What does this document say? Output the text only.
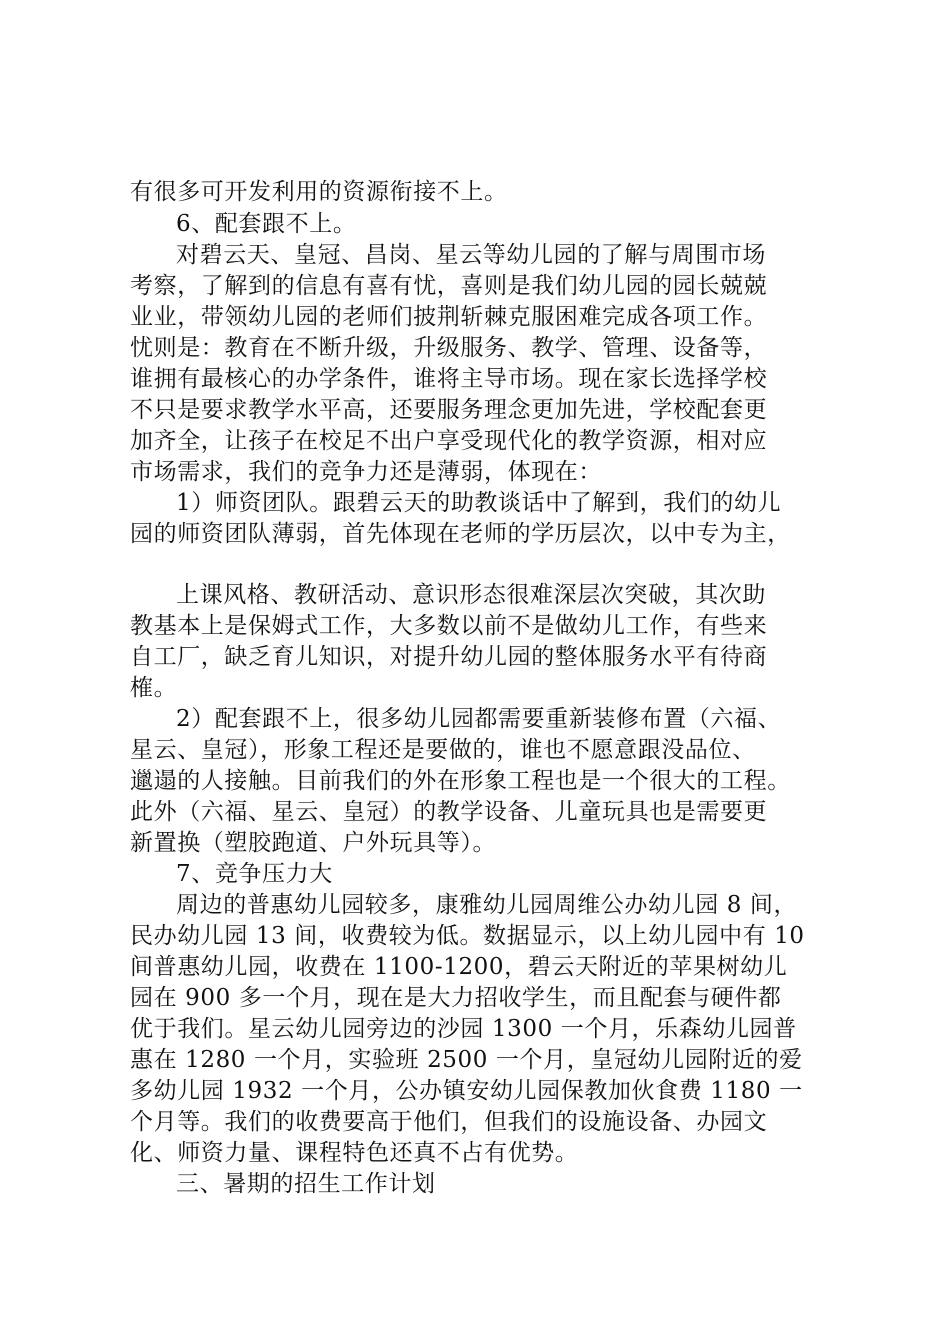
有很多可开发利用的资源衔接不上。
6、配套跟不上。
对碧云天、皇冠、昌岗、星云等幼儿园的了解与周围市场
考察，了解到的信息有喜有忧，喜则是我们幼儿园的园长兢兢
业业，带领幼儿园的老师们披荆斩棘克服困难完成各项工作。
忧则是：教育在不断升级，升级服务、教学、管理、设备等，
谁拥有最核心的办学条件，谁将主导市场。现在家长选择学校
不只是要求教学水平高，还要服务理念更加先进，学校配套更
加齐全，让孩子在校足不出户享受现代化的教学资源，相对应
市场需求，我们的竞争力还是薄弱，体现在：
1）师资团队。跟碧云天的助教谈话中了解到，我们的幼儿
园的师资团队薄弱，首先体现在老师的学历层次，以中专为主，
上课风格、教研活动、意识形态很难深层次突破，其次助
教基本上是保姆式工作，大多数以前不是做幼儿工作，有些来
自工厂，缺乏育儿知识，对提升幼儿园的整体服务水平有待商
榷。
2）配套跟不上，很多幼儿园都需要重新装修布置（六福、
星云、皇冠），形象工程还是要做的，谁也不愿意跟没品位、
邋遢的人接触。目前我们的外在形象工程也是一个很大的工程。
此外（六福、星云、皇冠）的教学设备、儿童玩具也是需要更
新置换（塑胶跑道、户外玩具等）。
7、竞争压力大
周边的普惠幼儿园较多，康雅幼儿园周维公办幼儿园 8 间，
民办幼儿园 13 间，收费较为低。数据显示，以上幼儿园中有 10
间普惠幼儿园，收费在 1100-1200，碧云天附近的苹果树幼儿
园在 900 多一个月，现在是大力招收学生，而且配套与硬件都
优于我们。星云幼儿园旁边的沙园 1300 一个月，乐森幼儿园普
惠在 1280 一个月，实验班 2500 一个月，皇冠幼儿园附近的爱
多幼儿园 1932 一个月，公办镇安幼儿园保教加伙食费 1180 一
个月等。我们的收费要高于他们，但我们的设施设备、办园文
化、师资力量、课程特色还真不占有优势。
三、暑期的招生工作计划
